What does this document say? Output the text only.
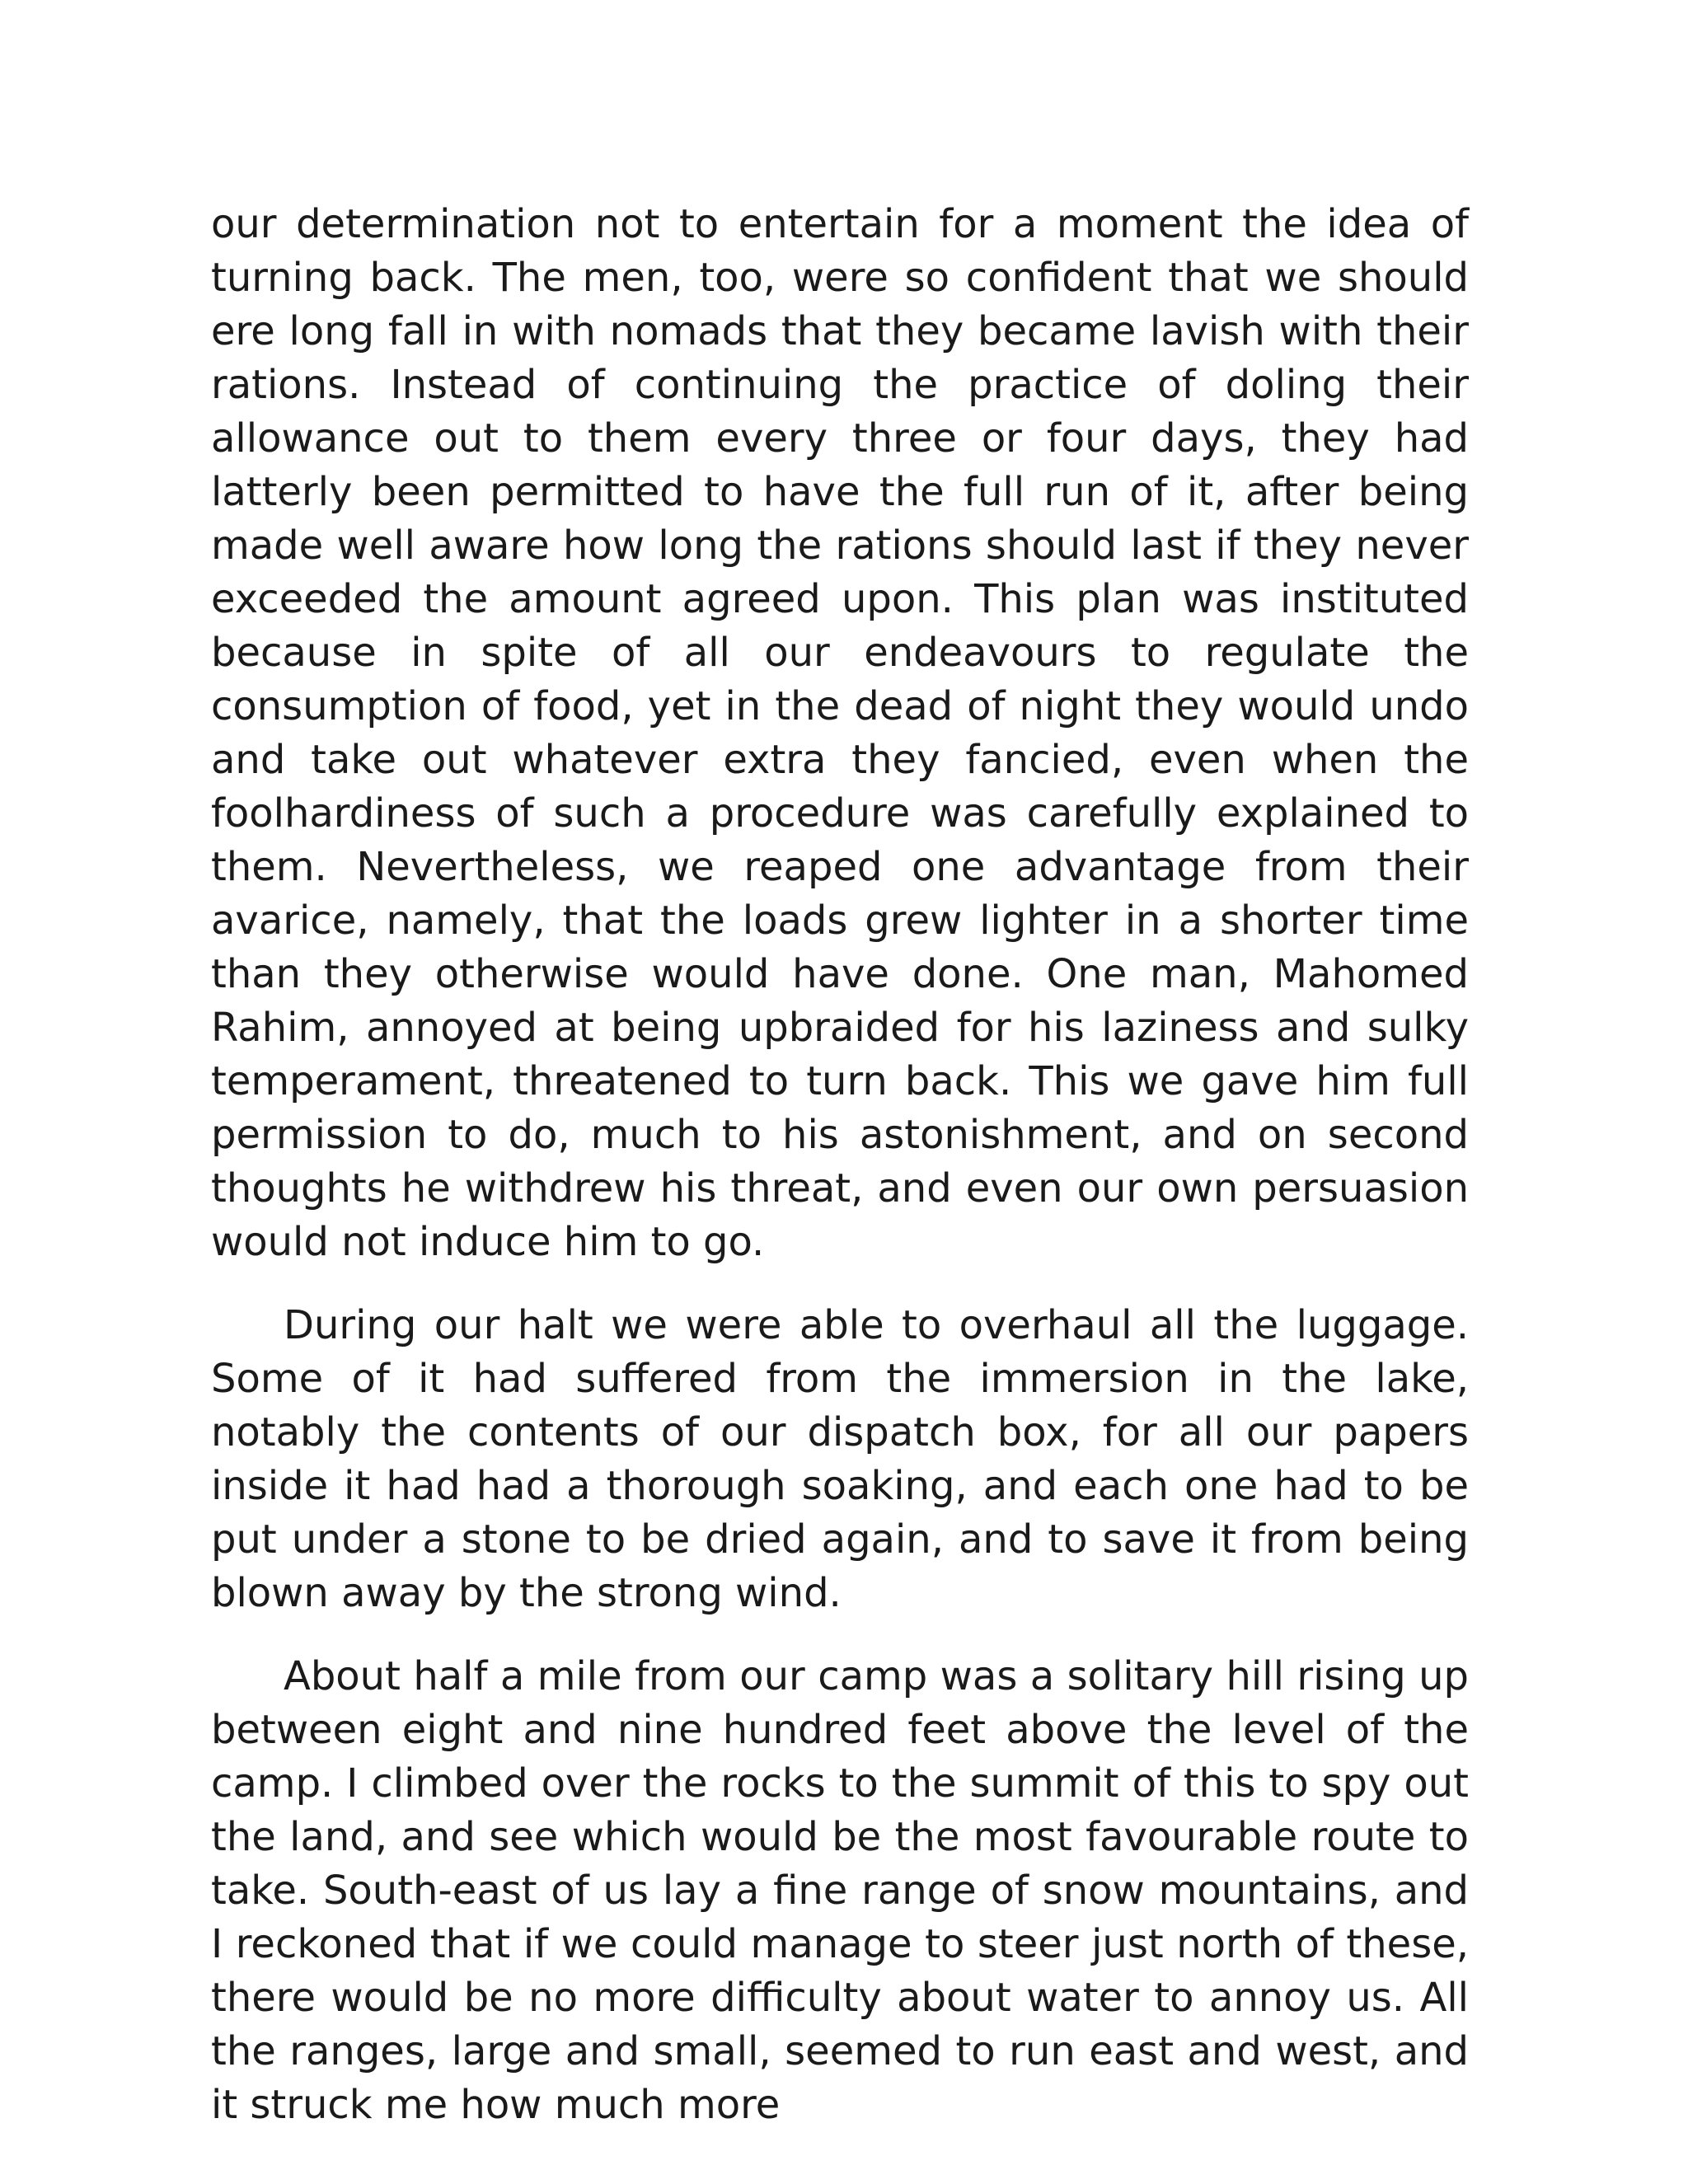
our determination not to entertain for a moment the idea of turning back. The men, too, were so confident that we should ere long fall in with nomads that they became lavish with their rations. Instead of continuing the practice of doling their allowance out to them every three or four days, they had latterly been permitted to have the full run of it, after being made well aware how long the rations should last if they never exceeded the amount agreed upon. This plan was instituted because in spite of all our endeavours to regulate the consumption of food, yet in the dead of night they would undo and take out whatever extra they fancied, even when the foolhardiness of such a procedure was carefully explained to them. Nevertheless, we reaped one advantage from their avarice, namely, that the loads grew lighter in a shorter time than they otherwise would have done. One man, Mahomed Rahim, annoyed at being upbraided for his laziness and sulky temperament, threatened to turn back. This we gave him full permission to do, much to his astonishment, and on second thoughts he withdrew his threat, and even our own persuasion would not induce him to go.

During our halt we were able to overhaul all the luggage. Some of it had suffered from the immersion in the lake, notably the contents of our dispatch box, for all our papers inside it had had a thorough soaking, and each one had to be put under a stone to be dried again, and to save it from being blown away by the strong wind.

About half a mile from our camp was a solitary hill rising up between eight and nine hundred feet above the level of the camp. I climbed over the rocks to the summit of this to spy out the land, and see which would be the most favourable route to take. South-east of us lay a fine range of snow mountains, and I reckoned that if we could manage to steer just north of these, there would be no more difficulty about water to annoy us. All the ranges, large and small, seemed to run east and west, and it struck me how much more
